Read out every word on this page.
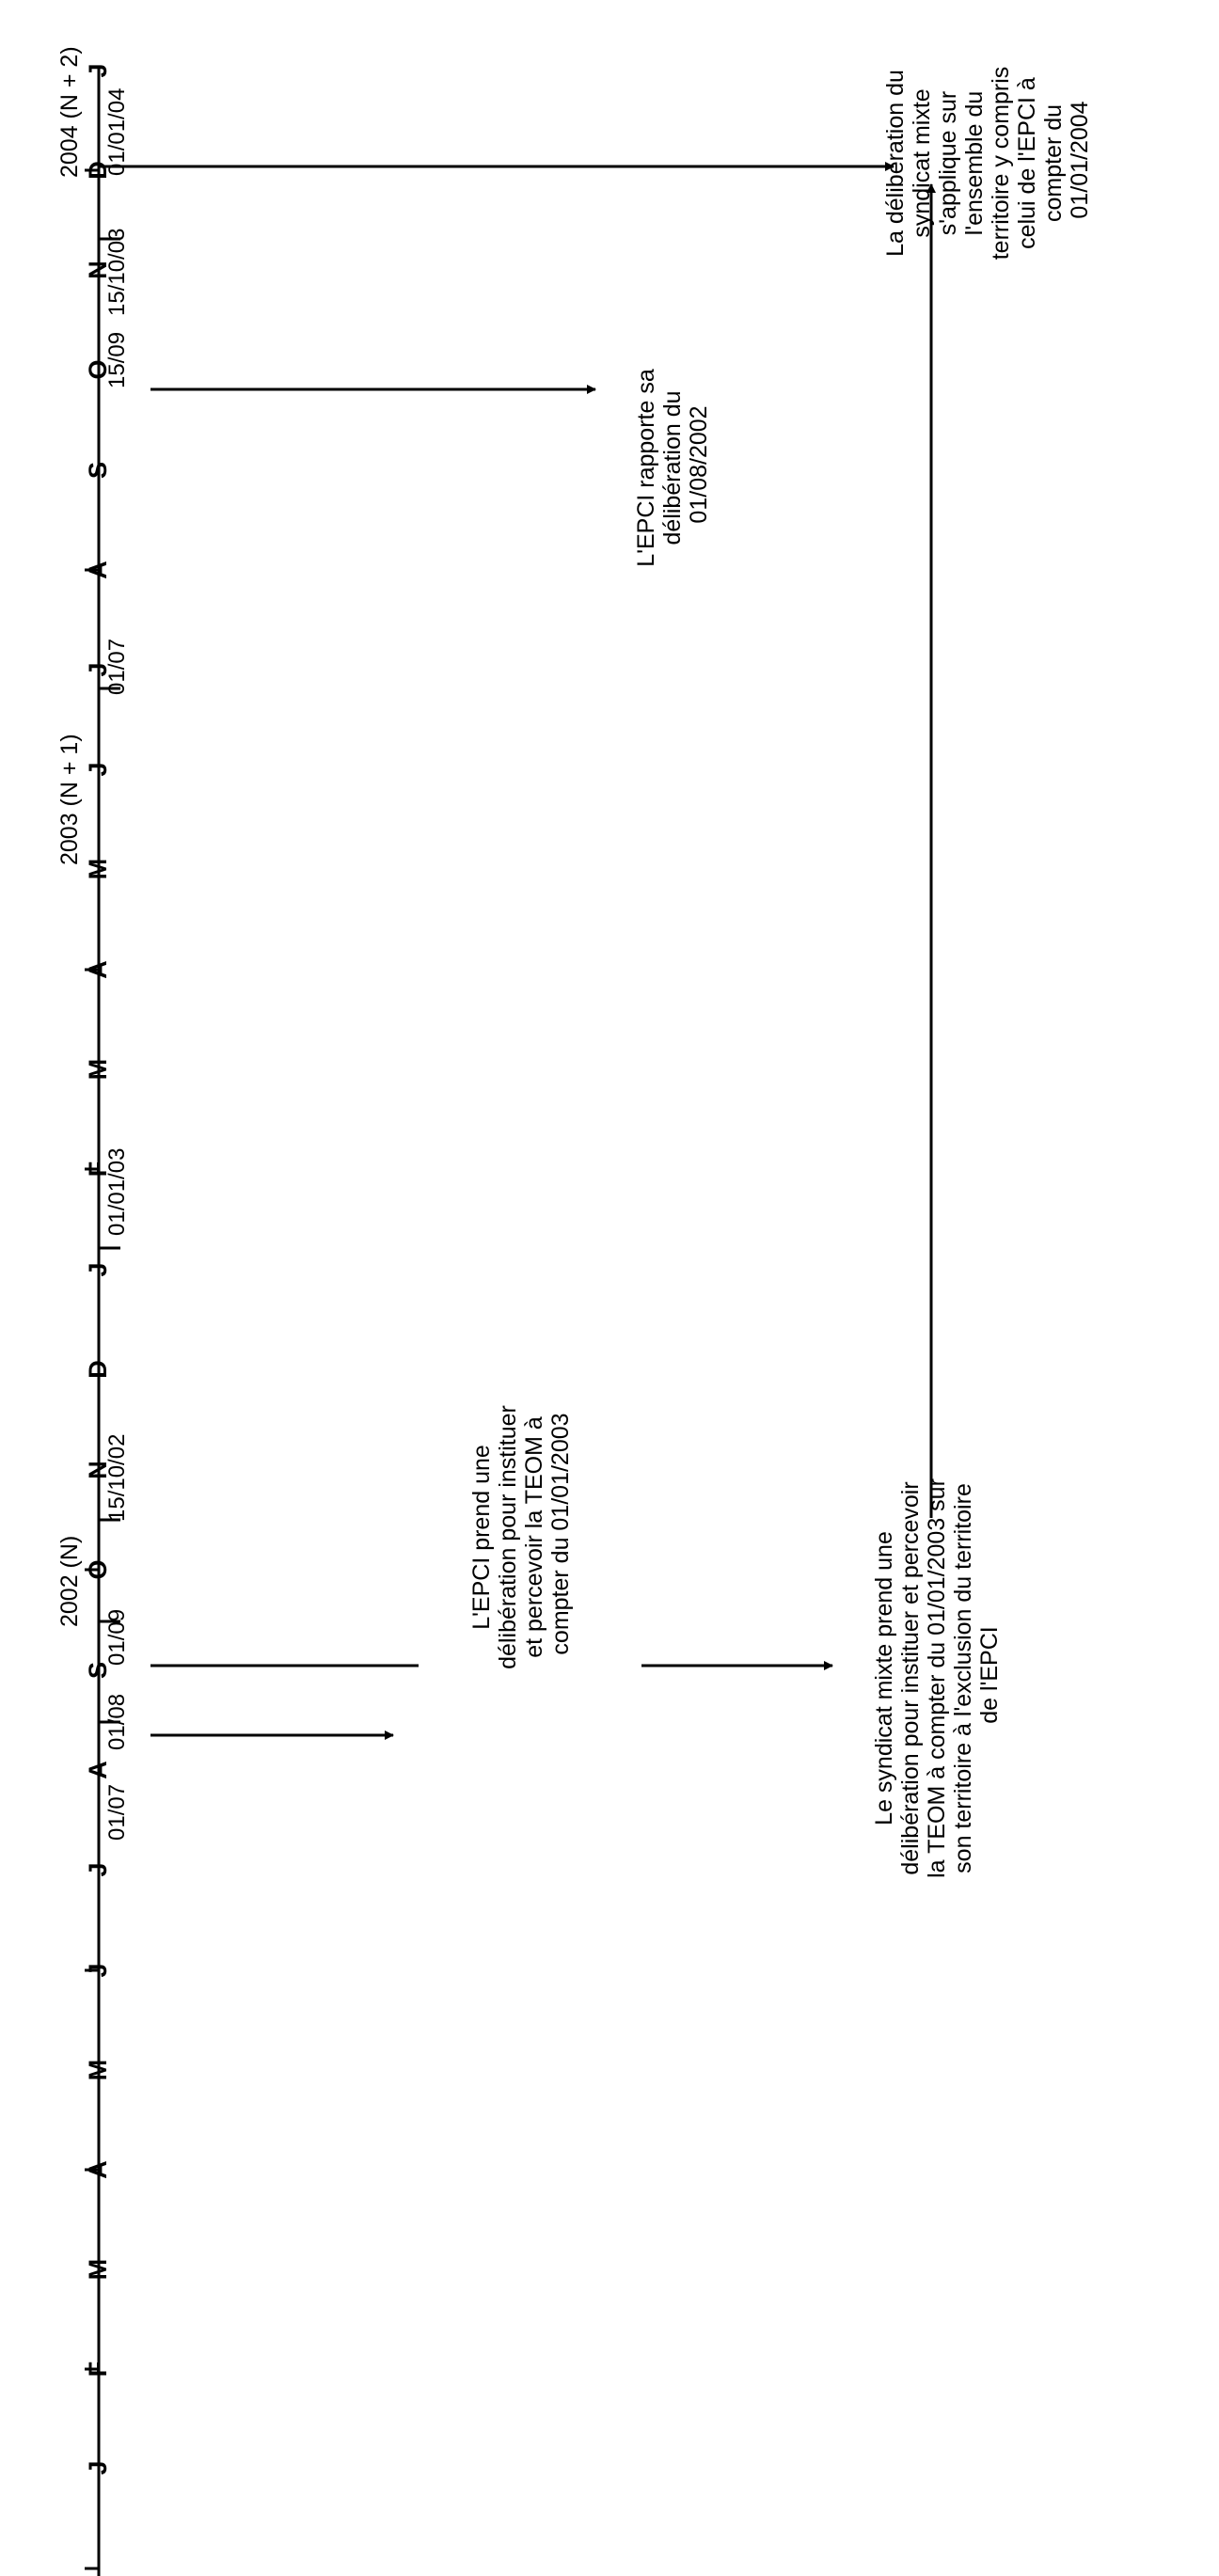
J
F
M
A
M
J
J
A
S
O
N
D
J
F
M
A
M
J
J
A
S
O
N
D
J
2002 (N)
2003 (N + 1)
2004 (N + 2)
01/07
01/08
01/09
15/10/02
01/01/03
01/07
15/09
15/10/03
01/01/04
L'EPCI prend une délibération pour instituer et percevoir la TEOM à compter du 01/01/2003	Le syndicat mixte prend une délibération pour instituer et percevoir la TEOM à compter du 01/01/2003 sur son territoire à l'exclusion du territoire de l'EPCI
L'EPCI rapporte sa délibération du 01/08/2002
La délibération du syndicat mixte s'applique sur l'ensemble du territoire y compris celui de l'EPCI à compter du 01/01/2004
